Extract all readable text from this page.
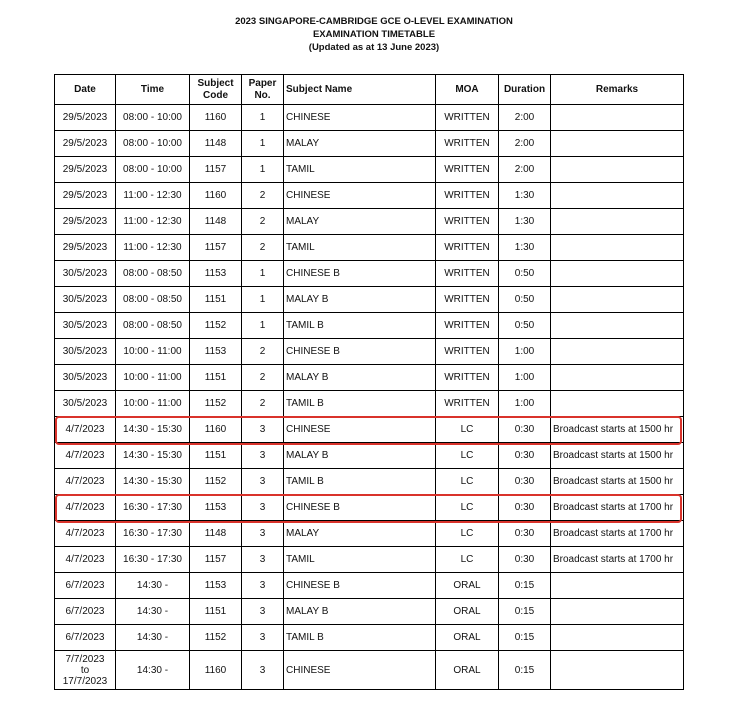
2023 SINGAPORE-CAMBRIDGE GCE O-LEVEL EXAMINATION
EXAMINATION TIMETABLE
(Updated as at 13 June 2023)
Date	Time	Subject Code	Paper No.	Subject Name	MOA	Duration	Remarks
29/5/2023	08:00 - 10:00	1160	1	CHINESE	WRITTEN	2:00	
29/5/2023	08:00 - 10:00	1148	1	MALAY	WRITTEN	2:00	
29/5/2023	08:00 - 10:00	1157	1	TAMIL	WRITTEN	2:00	
29/5/2023	11:00 - 12:30	1160	2	CHINESE	WRITTEN	1:30	
29/5/2023	11:00 - 12:30	1148	2	MALAY	WRITTEN	1:30	
29/5/2023	11:00 - 12:30	1157	2	TAMIL	WRITTEN	1:30	
30/5/2023	08:00 - 08:50	1153	1	CHINESE B	WRITTEN	0:50	
30/5/2023	08:00 - 08:50	1151	1	MALAY B	WRITTEN	0:50	
30/5/2023	08:00 - 08:50	1152	1	TAMIL B	WRITTEN	0:50	
30/5/2023	10:00 - 11:00	1153	2	CHINESE B	WRITTEN	1:00	
30/5/2023	10:00 - 11:00	1151	2	MALAY B	WRITTEN	1:00	
30/5/2023	10:00 - 11:00	1152	2	TAMIL B	WRITTEN	1:00	
4/7/2023	14:30 - 15:30	1160	3	CHINESE	LC	0:30	Broadcast starts at 1500 hr
4/7/2023	14:30 - 15:30	1151	3	MALAY B	LC	0:30	Broadcast starts at 1500 hr
4/7/2023	14:30 - 15:30	1152	3	TAMIL B	LC	0:30	Broadcast starts at 1500 hr
4/7/2023	16:30 - 17:30	1153	3	CHINESE B	LC	0:30	Broadcast starts at 1700 hr
4/7/2023	16:30 - 17:30	1148	3	MALAY	LC	0:30	Broadcast starts at 1700 hr
4/7/2023	16:30 - 17:30	1157	3	TAMIL	LC	0:30	Broadcast starts at 1700 hr
6/7/2023	14:30 -	1153	3	CHINESE B	ORAL	0:15	
6/7/2023	14:30 -	1151	3	MALAY B	ORAL	0:15	
6/7/2023	14:30 -	1152	3	TAMIL B	ORAL	0:15	
7/7/2023
to
17/7/2023	14:30 -	1160	3	CHINESE	ORAL	0:15	
